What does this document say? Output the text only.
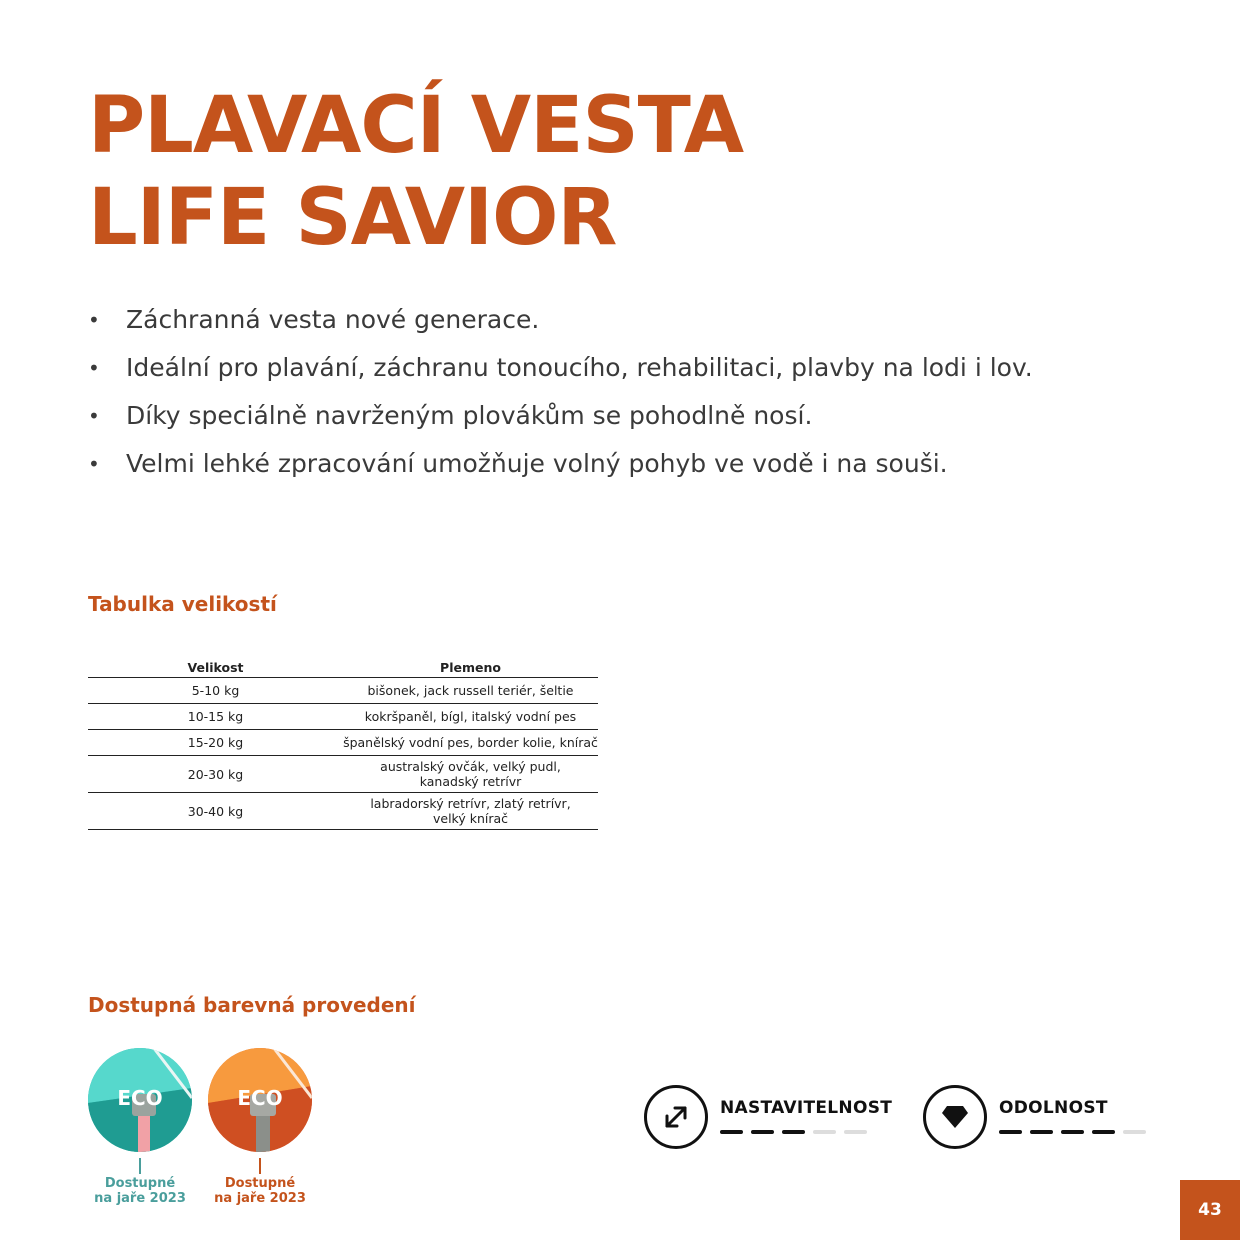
PLAVACÍ VESTA
LIFE SAVIOR
• Záchranná vesta nové generace.
• Ideální pro plavání, záchranu tonoucího, rehabilitaci, plavby na lodi i lov.
• Díky speciálně navrženým plovákům se pohodlně nosí.
• Velmi lehké zpracování umožňuje volný pohyb ve vodě i na souši.
Tabulka velikostí
Velikost	Plemeno
5-10 kg	bišonek, jack russell teriér, šeltie
10-15 kg	kokršpaněl, bígl, italský vodní pes
15-20 kg	španělský vodní pes, border kolie, knírač
20-30 kg	australský ovčák, velký pudl,
kanadský retrívr

30-40 kg	labradorský retrívr, zlatý retrívr,
velký knírač
Dostupná barevná provedení
ECO
Dostupné
na jaře 2023
ECO
Dostupné
na jaře 2023
NASTAVITELNOST	ODOLNOST
43
